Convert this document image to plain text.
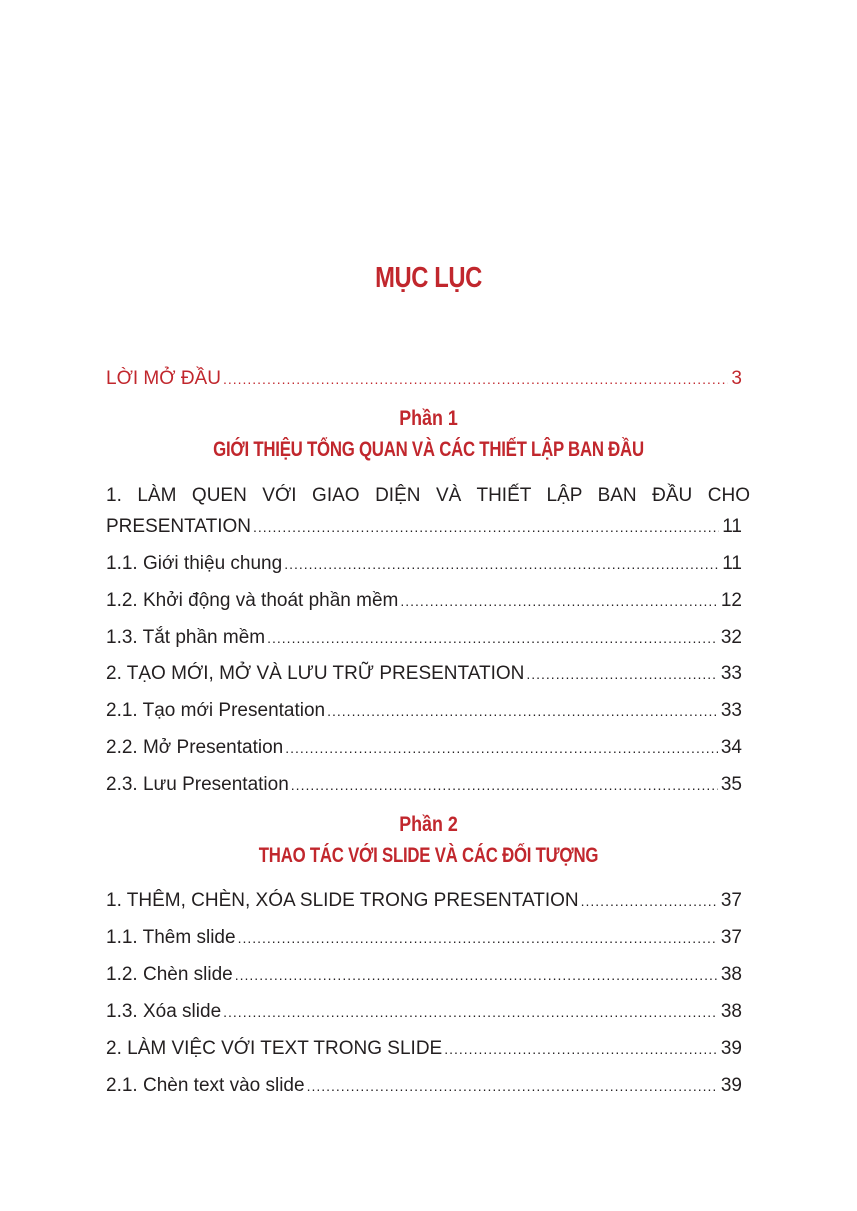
MỤC LỤC
LỜI MỞ ĐẦU .....	3
Phần 1
GIỚI THIỆU TỔNG QUAN VÀ CÁC THIẾT LẬP BAN ĐẦU
1. LÀM QUEN VỚI GIAO DIỆN VÀ THIẾT LẬP BAN ĐẦU CHO
PRESENTATION .....	11
1.1. Giới thiệu chung .....	11
1.2. Khởi động và thoát phần mềm .....	12
1.3. Tắt phần mềm .....	32
2. TẠO MỚI, MỞ VÀ LƯU TRỮ PRESENTATION .....	33
2.1. Tạo mới Presentation .....	33
2.2. Mở Presentation .....	34
2.3. Lưu Presentation .....	35
Phần 2
THAO TÁC VỚI SLIDE VÀ CÁC ĐỐI TƯỢNG
1. THÊM, CHÈN, XÓA SLIDE TRONG PRESENTATION .....	37
1.1. Thêm slide .....	37
1.2. Chèn slide .....	38
1.3. Xóa slide .....	38
2. LÀM VIỆC VỚI TEXT TRONG SLIDE .....	39
2.1. Chèn text vào slide .....	39
